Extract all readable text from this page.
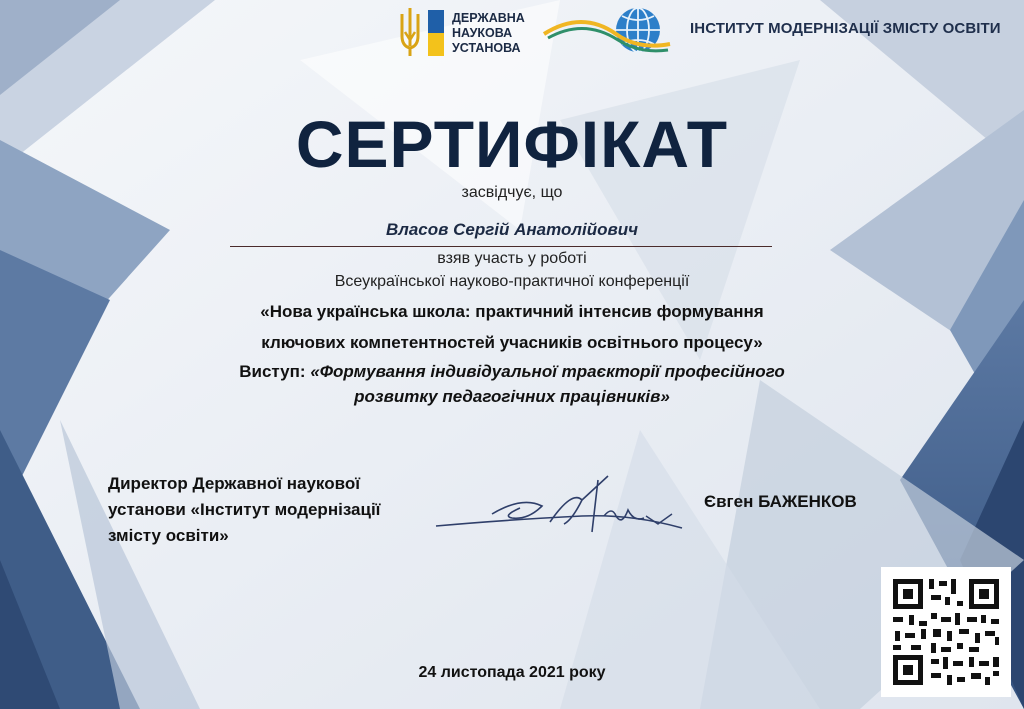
ДЕРЖАВНА
НАУКОВА
УСТАНОВА
ІНСТИТУТ МОДЕРНІЗАЦІЇ ЗМІСТУ ОСВІТИ
СЕРТИФІКАТ
засвідчує, що
Власов Сергій Анатолійович
взяв участь у роботі
Всеукраїнської науково-практичної конференції
«Нова українська школа: практичний інтенсив формування
ключових компетентностей учасників освітнього процесу»
Виступ: «Формування індивідуальної траєкторії професійного
розвитку педагогічних працівників»
Директор Державної наукової
установи «Інститут модернізації
змісту освіти»
Євген БАЖЕНКОВ
24 листопада 2021 року
